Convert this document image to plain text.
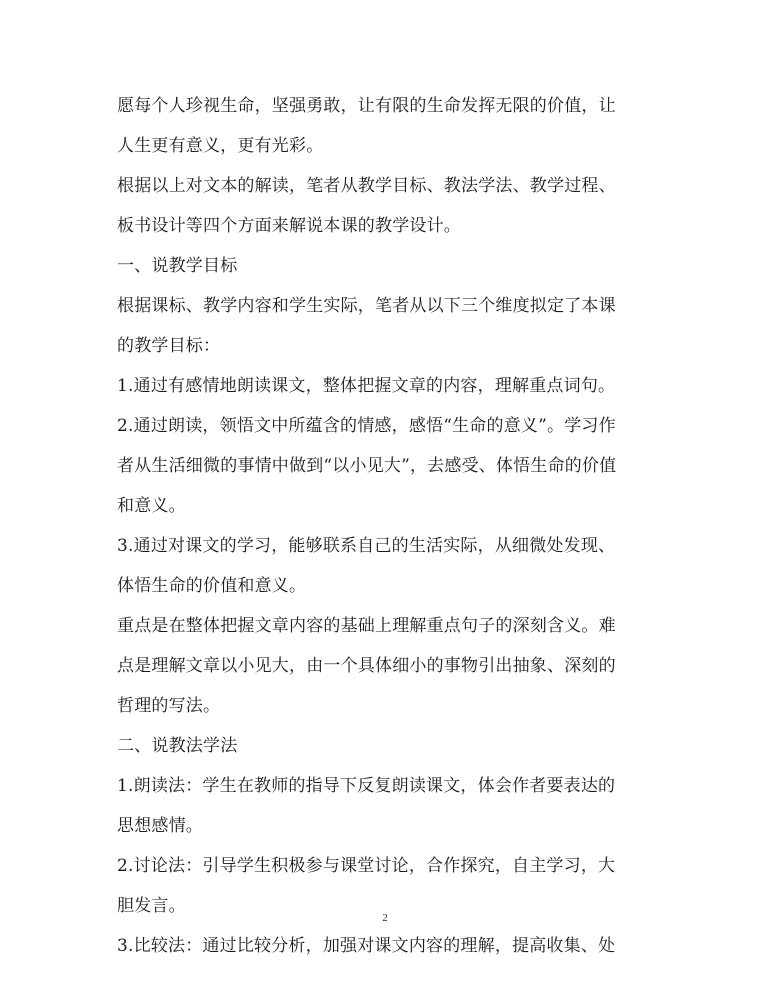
愿每个人珍视生命，坚强勇敢，让有限的生命发挥无限的价值，让
人生更有意义，更有光彩。
根据以上对文本的解读，笔者从教学目标、教法学法、教学过程、
板书设计等四个方面来解说本课的教学设计。
一、说教学目标
根据课标、教学内容和学生实际，笔者从以下三个维度拟定了本课
的教学目标：
1.通过有感情地朗读课文，整体把握文章的内容，理解重点词句。
2.通过朗读，领悟文中所蕴含的情感，感悟“生命的意义”。学习作
者从生活细微的事情中做到“以小见大”，去感受、体悟生命的价值
和意义。
3.通过对课文的学习，能够联系自己的生活实际，从细微处发现、
体悟生命的价值和意义。
重点是在整体把握文章内容的基础上理解重点句子的深刻含义。难
点是理解文章以小见大，由一个具体细小的事物引出抽象、深刻的
哲理的写法。
二、说教法学法
1.朗读法：学生在教师的指导下反复朗读课文，体会作者要表达的
思想感情。
2.讨论法：引导学生积极参与课堂讨论，合作探究，自主学习，大
胆发言。
3.比较法：通过比较分析，加强对课文内容的理解，提高收集、处
2
